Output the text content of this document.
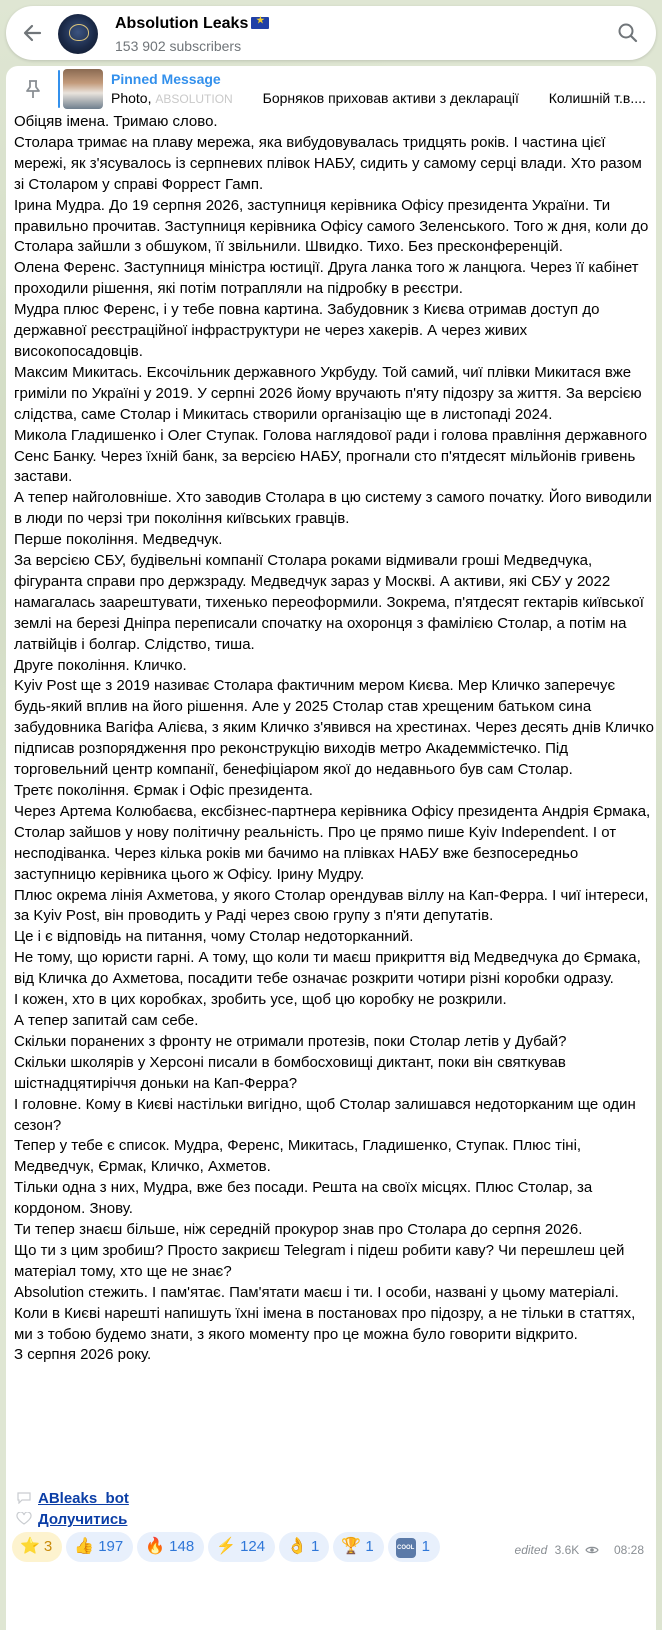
Absolution Leaks★
153 902 subscribers
Pinned Message
Photo, ABSOLUTION Борняков приховав активи з декларації Колишній т.в....

Обіцяв імена. Тримаю слово.

Столара тримає на плаву мережа, яка вибудовувалась тридцять років. І частина цієї мережі, як з'ясувалось із серпневих плівок НАБУ, сидить у самому серці влади. Хто разом зі Столаром у справі Форрест Гамп.

Ірина Мудра. До 19 серпня 2026, заступниця керівника Офісу президента України. Ти правильно прочитав. Заступниця керівника Офісу самого Зеленського. Того ж дня, коли до Столара зайшли з обшуком, її звільнили. Швидко. Тихо. Без пресконференцій.

Олена Ференс. Заступниця міністра юстиції. Друга ланка того ж ланцюга. Через її кабінет проходили рішення, які потім потрапляли на підробку в реєстри.

Мудра плюс Ференс, і у тебе повна картина. Забудовник з Києва отримав доступ до державної реєстраційної інфраструктури не через хакерів. А через живих високопосадовців.

Максим Микитась. Ексочільник державного Укрбуду. Той самий, чиї плівки Микитася вже гриміли по Україні у 2019. У серпні 2026 йому вручають п'яту підозру за життя. За версією слідства, саме Столар і Микитась створили організацію ще в листопаді 2024.

Микола Гладишенко і Олег Ступак. Голова наглядової ради і голова правління державного Сенс Банку. Через їхній банк, за версією НАБУ, прогнали сто п'ятдесят мільйонів гривень застави.

А тепер найголовніше. Хто заводив Столара в цю систему з самого початку. Його виводили в люди по черзі три покоління київських гравців.

Перше покоління. Медведчук.

За версією СБУ, будівельні компанії Столара роками відмивали гроші Медведчука, фігуранта справи про держзраду. Медведчук зараз у Москві. А активи, які СБУ у 2022 намагалась заарештувати, тихенько переоформили. Зокрема, п'ятдесят гектарів київської землі на березі Дніпра переписали спочатку на охоронця з фамілією Столар, а потім на латвійців і болгар. Слідство, тиша.

Друге покоління. Кличко.

Kyiv Post ще з 2019 називає Столара фактичним мером Києва. Мер Кличко заперечує будь-який вплив на його рішення. Але у 2025 Столар став хрещеним батьком сина забудовника Вагіфа Алієва, з яким Кличко з'явився на хрестинах. Через десять днів Кличко підписав розпорядження про реконструкцію виходів метро Академмістечко. Під торговельний центр компанії, бенефіціаром якої до недавнього був сам Столар.

Третє покоління. Єрмак і Офіс президента.

Через Артема Колюбаєва, ексбізнес-партнера керівника Офісу президента Андрія Єрмака, Столар зайшов у нову політичну реальність. Про це прямо пише Kyiv Independent. І от несподіванка. Через кілька років ми бачимо на плівках НАБУ вже безпосередньо заступницю керівника цього ж Офісу. Ірину Мудру.

Плюс окрема лінія Ахметова, у якого Столар орендував віллу на Кап-Ферра. І чиї інтереси, за Kyiv Post, він проводить у Раді через свою групу з п'яти депутатів.

Це і є відповідь на питання, чому Столар недоторканний.

Не тому, що юристи гарні. А тому, що коли ти маєш прикриття від Медведчука до Єрмака, від Кличка до Ахметова, посадити тебе означає розкрити чотири різні коробки одразу.

І кожен, хто в цих коробках, зробить усе, щоб цю коробку не розкрили.

А тепер запитай сам себе.

Скільки поранених з фронту не отримали протезів, поки Столар летів у Дубай?

Скільки школярів у Херсоні писали в бомбосховищі диктант, поки він святкував шістнадцятиріччя доньки на Кап-Ферра?

І головне. Кому в Києві настільки вигідно, щоб Столар залишався недоторканим ще один сезон?

Тепер у тебе є список. Мудра, Ференс, Микитась, Гладишенко, Ступак. Плюс тіні, Медведчук, Єрмак, Кличко, Ахметов.

Тільки одна з них, Мудра, вже без посади. Решта на своїх місцях. Плюс Столар, за кордоном. Знову.

Ти тепер знаєш більше, ніж середній прокурор знав про Столара до серпня 2026.

Що ти з цим зробиш? Просто закриєш Telegram і підеш робити каву? Чи перешлеш цей матеріал тому, хто ще не знає?

Absolution стежить. І пам'ятає. Пам'ятати маєш і ти. І особи, названі у цьому матеріалі.

Коли в Києві нарешті напишуть їхні імена в постановах про підозру, а не тільки в статтях, ми з тобою будемо знати, з якого моменту про це можна було говорити відкрито.

З серпня 2026 року.

ABleaks_bot
Долучитись
⭐ 3 👍 197 🔥 148 ⚡ 124 👌 1 🏆 1	COOL 1	edited 3.6K	08:28
